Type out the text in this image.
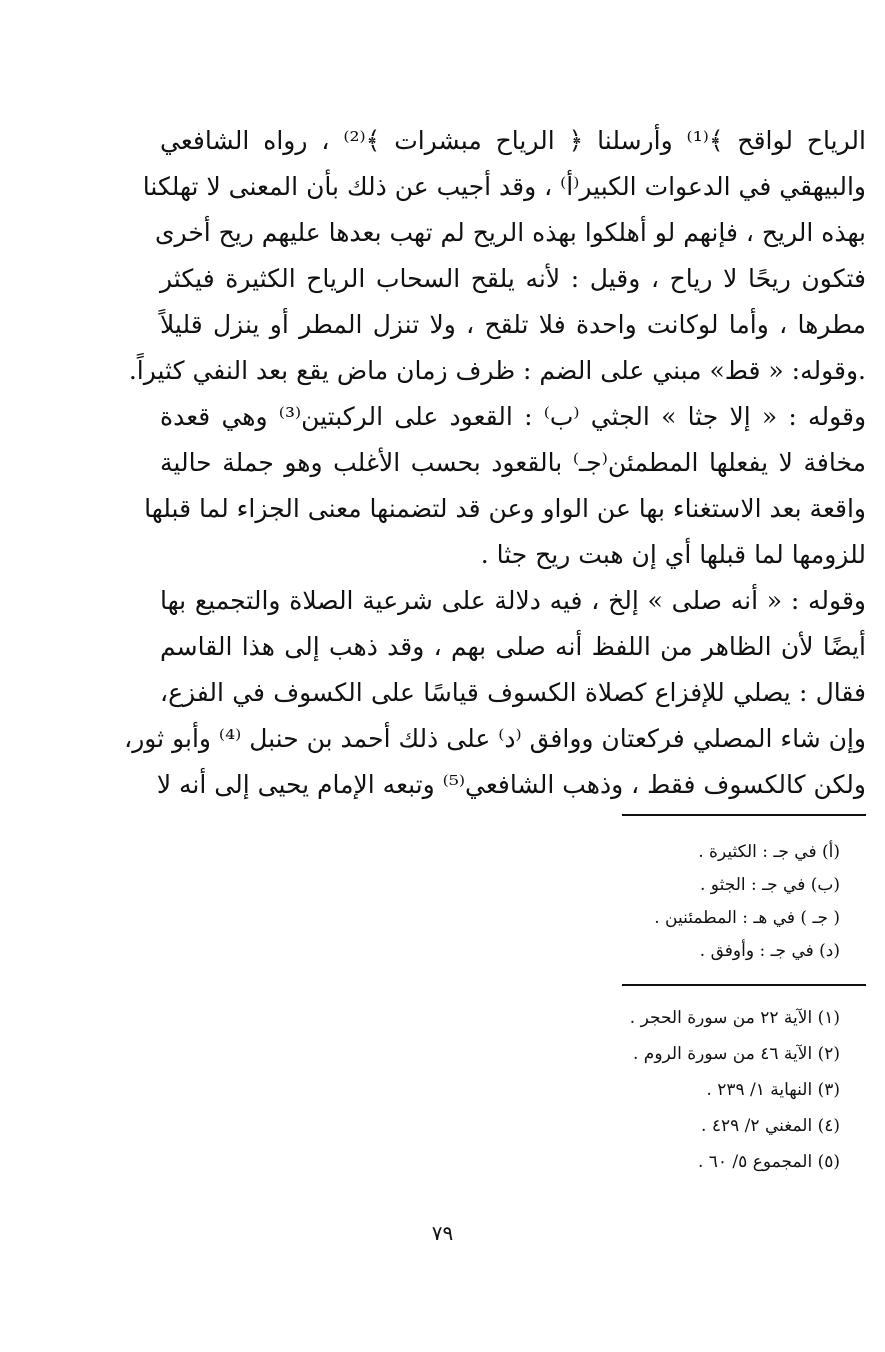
الرياح لواقح ﴾⁽¹⁾ وأرسلنا ﴿ الرياح مبشرات ﴾⁽²⁾ ، رواه الشافعي
والبيهقي في الدعوات الكبير⁽أ⁾ ، وقد أجيب عن ذلك بأن المعنى لا تهلكنا
بهذه الريح ، فإنهم لو أهلكوا بهذه الريح لم تهب بعدها عليهم ريح أخرى
فتكون ريحًا لا رياح ، وقيل : لأنه يلقح السحاب الرياح الكثيرة فيكثر
مطرها ، وأما لوكانت واحدة فلا تلقح ، ولا تنزل المطر أو ينزل قليلاً
.وقوله: « قط» مبني على الضم : ظرف زمان ماض يقع بعد النفي كثيراً.
وقوله : « إلا جثا » الجثي ⁽ب⁾ : القعود على الركبتين⁽³⁾ وهي قعدة
مخافة لا يفعلها المطمئن⁽جـ⁾ بالقعود بحسب الأغلب وهو جملة حالية
واقعة بعد الاستغناء بها عن الواو وعن قد لتضمنها معنى الجزاء لما قبلها
للزومها لما قبلها أي إن هبت ريح جثا .
وقوله : « أنه صلى » إلخ ، فيه دلالة على شرعية الصلاة والتجميع بها
أيضًا لأن الظاهر من اللفظ أنه صلى بهم ، وقد ذهب إلى هذا القاسم
فقال : يصلي للإفزاع كصلاة الكسوف قياسًا على الكسوف في الفزع،
وإن شاء المصلي فركعتان ووافق ⁽د⁾ على ذلك أحمد بن حنبل ⁽⁴⁾ وأبو ثور،
ولكن كالكسوف فقط ، وذهب الشافعي⁽⁵⁾ وتبعه الإمام يحيى إلى أنه لا
(أ) في جـ : الكثيرة .
(ب) في جـ : الجثو .
( جـ ) في هـ : المطمئنين .
(د) في جـ : وأوفق .
(١) الآية ٢٢ من سورة الحجر .
(٢) الآية ٤٦ من سورة الروم .
(٣) النهاية ١/ ٢٣٩ .
(٤) المغني ٢/ ٤٢٩ .
(٥) المجموع ٥/ ٦٠ .
٧٩
